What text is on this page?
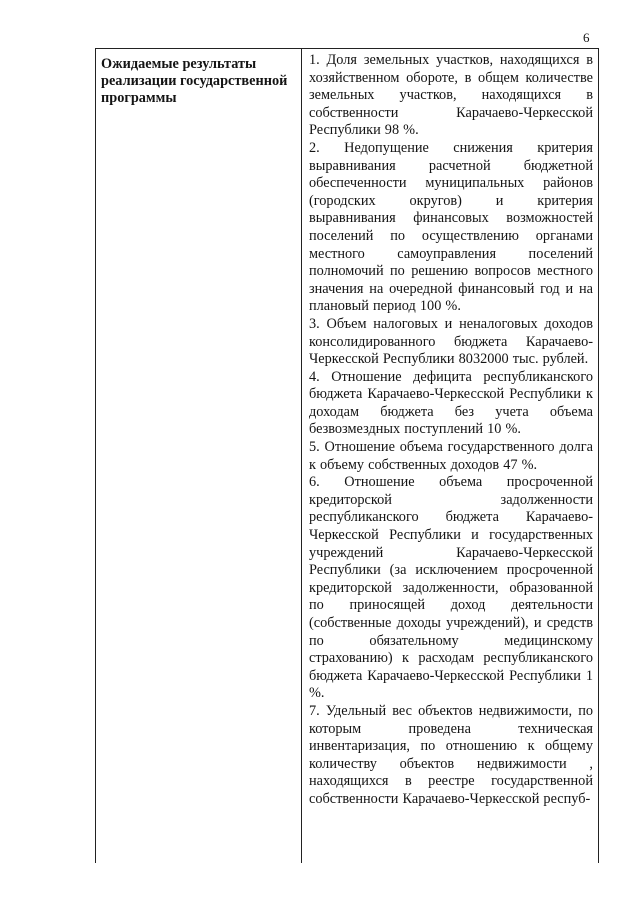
6
Ожидаемые результаты реализации государственной программы

1. Доля земельных участков, находящихся в хозяйственном обороте, в общем количестве земельных участков, находящихся в собственности Карачаево-Черкесской Республики 98 %.

2. Недопущение снижения критерия выравнивания расчетной бюджетной обеспеченности муниципальных районов (городских округов) и критерия выравнивания финансовых возможностей поселений по осуществлению органами местного самоуправления поселений полномочий по решению вопросов местного значения на очередной финансовый год и на плановый период 100 %.

3. Объем налоговых и неналоговых доходов консолидированного бюджета Карачаево-Черкесской Республики 8032000 тыс. рублей.

4. Отношение дефицита республиканского бюджета Карачаево-Черкесской Республики к доходам бюджета без учета объема безвозмездных поступлений 10 %.

5. Отношение объема государственного долга к объему собственных доходов 47 %.

6. Отношение объема просроченной кредиторской задолженности республиканского бюджета Карачаево-Черкесской Республики и государственных учреждений Карачаево-Черкесской Республики (за исключением просроченной кредиторской задолженности, образованной по приносящей доход деятельности (собственные доходы учреждений), и средств по обязательному медицинскому страхованию) к расходам республиканского бюджета Карачаево-Черкесской Республики 1 %.

7. Удельный вес объектов недвижимости, по которым проведена техническая инвентаризация, по отношению к общему количеству объектов недвижимости , находящихся в реестре государственной собственности Карачаево-Черкесской респуб-
